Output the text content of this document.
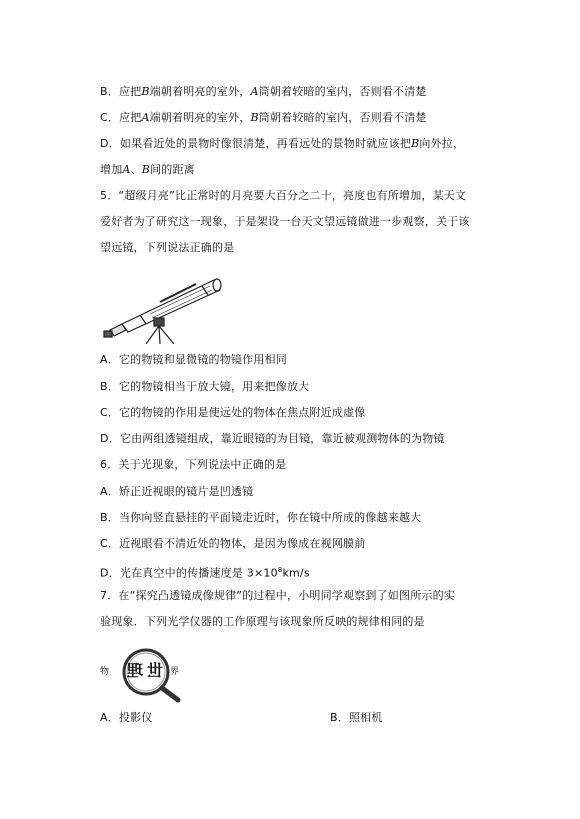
B．应把B端朝着明亮的室外，A筒朝着较暗的室内，否则看不清楚
C．应把A端朝着明亮的室外，B筒朝着较暗的室内，否则看不清楚
D．如果看近处的景物时像很清楚，再看远处的景物时就应该把B向外拉，
增加A、B间的距离
5．“超级月亮”比正常时的月亮要大百分之二十，亮度也有所增加，某天文
爱好者为了研究这一现象，于是架设一台天文望远镜做进一步观察，关于该
望远镜，下列说法正确的是
A．它的物镜和显微镜的物镜作用相同
B．它的物镜相当于放大镜，用来把像放大
C．它的物镜的作用是使远处的物体在焦点附近成虚像
D．它由两组透镜组成，靠近眼镜的为目镜，靠近被观测物体的为物镜
6．关于光现象，下列说法中正确的是
A．矫正近视眼的镜片是凹透镜
B．当你向竖直悬挂的平面镜走近时，你在镜中所成的像越来越大
C．近视眼看不清近处的物体，是因为像成在视网膜前
D．光在真空中的传播速度是 $3\times 10^8km/s$
7．在“探究凸透镜成像规律”的过程中，小明同学观察到了如图所示的实
验现象．下列光学仪器的工作原理与该现象所反映的规律相同的是
物 理 世 界
A．投影仪	B．照相机
